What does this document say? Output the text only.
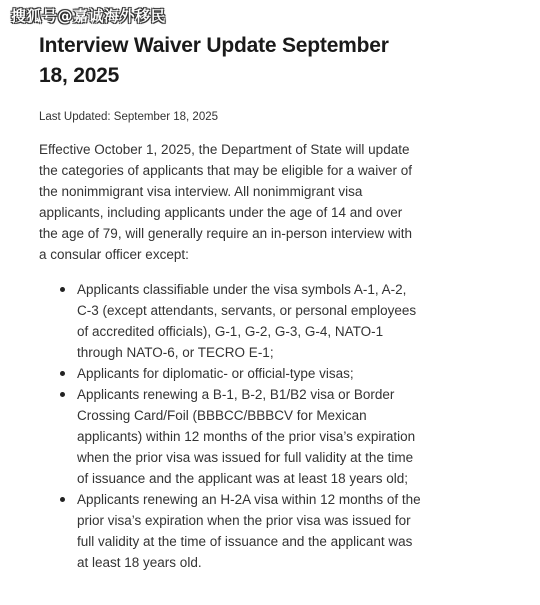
搜狐号@嘉诚海外移民
Interview Waiver Update September 18, 2025

Last Updated: September 18, 2025

Effective October 1, 2025, the Department of State will update the categories of applicants that may be eligible for a waiver of the nonimmigrant visa interview. All nonimmigrant visa applicants, including applicants under the age of 14 and over the age of 79, will generally require an in-person interview with a consular officer except:

Applicants classifiable under the visa symbols A-1, A-2, C-3 (except attendants, servants, or personal employees of accredited officials), G-1, G-2, G-3, G-4, NATO-1 through NATO-6, or TECRO E-1;
Applicants for diplomatic- or official-type visas;
Applicants renewing a B-1, B-2, B1/B2 visa or Border Crossing Card/Foil (BBBCC/BBBCV for Mexican applicants) within 12 months of the prior visa’s expiration when the prior visa was issued for full validity at the time of issuance and the applicant was at least 18 years old;
Applicants renewing an H-2A visa within 12 months of the prior visa’s expiration when the prior visa was issued for full validity at the time of issuance and the applicant was at least 18 years old.
